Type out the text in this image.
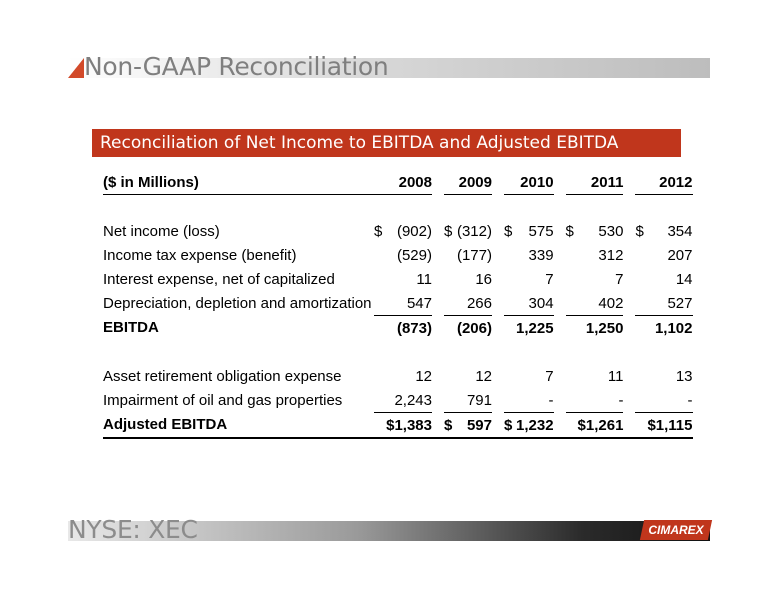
Non-GAAP Reconciliation
Reconciliation of Net Income to EBITDA and Adjusted EBITDA
($ in Millions)	2008			2009			2010			2011			2012	

Net income (loss)	$	(902)		$	(312)		$	575		$	530		$	354
Income tax expense (benefit)		(529)			(177)			339			312			207
Interest expense, net of capitalized		11			16			7			7			14
Depreciation, depletion and amortization		547			266			304			402			527
EBITDA		(873)			(206)			1,225			1,250			1,102

Asset retirement obligation expense		12			12			7			11			13
Impairment of oil and gas properties		2,243			791			-			-			-
Adjusted EBITDA		$1,383		$	597		$	1,232			$1,261			$1,115
NYSE: XEC	CIMAREX
